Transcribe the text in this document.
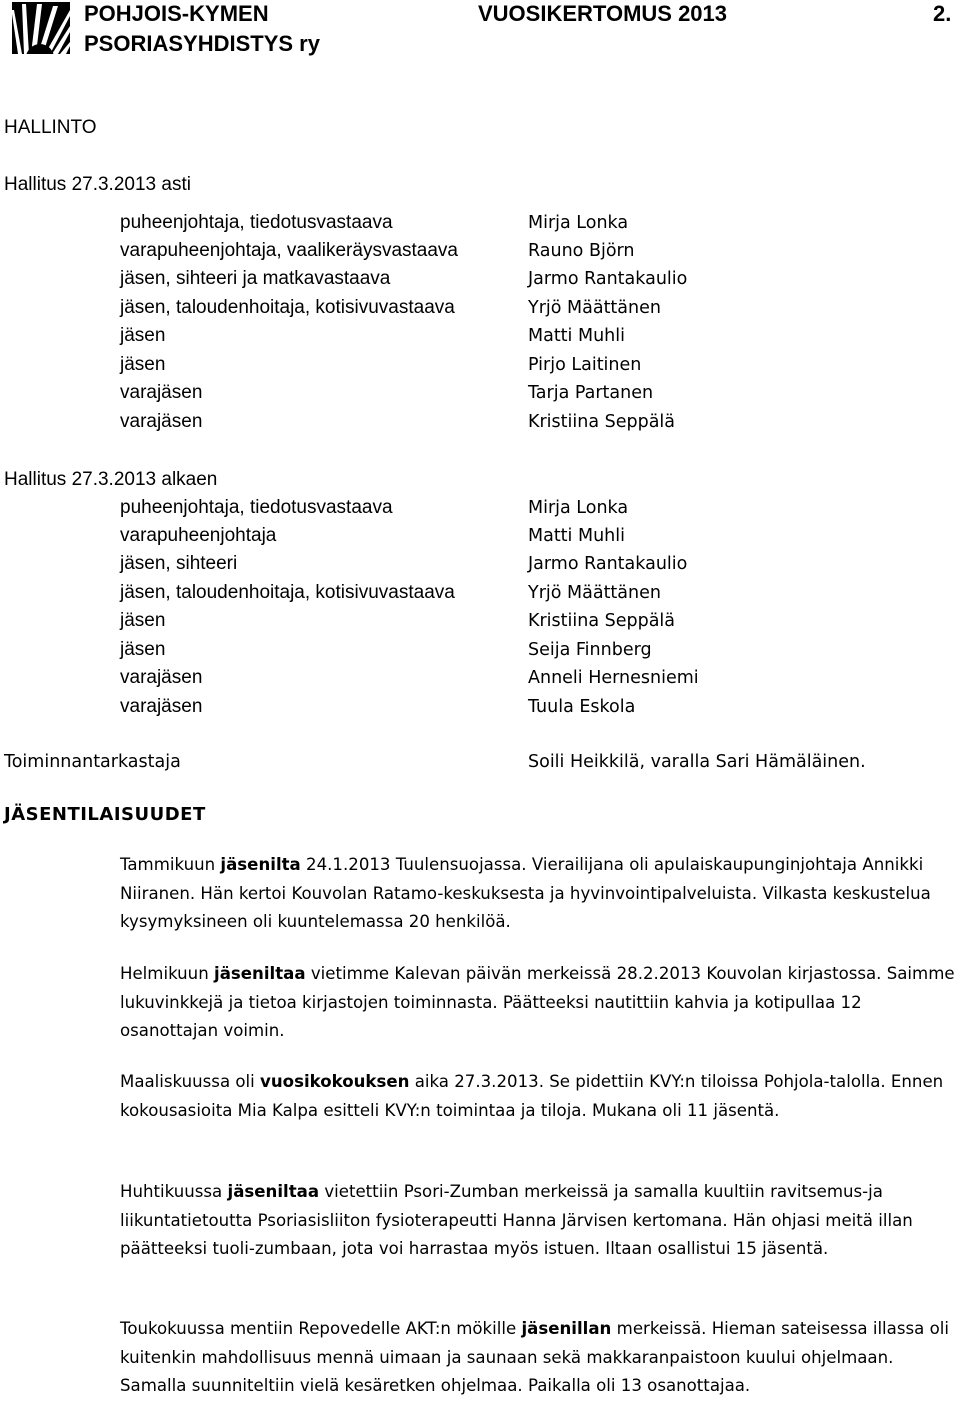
POHJOIS-KYMEN
PSORIASYHDISTYS ry
VUOSIKERTOMUS 2013	2.
HALLINTO
Hallitus 27.3.2013 asti
puheenjohtaja, tiedotusvastaava
varapuheenjohtaja, vaalikeräysvastaava
jäsen, sihteeri ja matkavastaava
jäsen, taloudenhoitaja, kotisivuvastaava
jäsen
jäsen
varajäsen
varajäsen
Mirja Lonka
Rauno Björn
Jarmo Rantakaulio
Yrjö Määttänen
Matti Muhli
Pirjo Laitinen
Tarja Partanen
Kristiina Seppälä
Hallitus 27.3.2013 alkaen
puheenjohtaja, tiedotusvastaava
varapuheenjohtaja
jäsen, sihteeri
jäsen, taloudenhoitaja, kotisivuvastaava
jäsen
jäsen
varajäsen
varajäsen
Mirja Lonka
Matti Muhli
Jarmo Rantakaulio
Yrjö Määttänen
Kristiina Seppälä
Seija Finnberg
Anneli Hernesniemi
Tuula Eskola
Toiminnantarkastaja	Soili Heikkilä, varalla Sari Hämäläinen.
JÄSENTILAISUUDET
Tammikuun jäsenilta 24.1.2013 Tuulensuojassa. Vierailijana oli apulaiskaupunginjohtaja Annikki Niiranen. Hän kertoi Kouvolan Ratamo-keskuksesta ja hyvinvointipalveluista. Vilkasta keskustelua kysymyksineen oli kuuntelemassa 20 henkilöä.
Helmikuun jäseniltaa vietimme Kalevan päivän merkeissä 28.2.2013 Kouvolan kirjastossa. Saimme lukuvinkkejä ja tietoa kirjastojen toiminnasta. Päätteeksi nautittiin kahvia ja kotipullaa 12 osanottajan voimin.
Maaliskuussa oli vuosikokouksen aika 27.3.2013. Se pidettiin KVY:n tiloissa Pohjola-talolla. Ennen kokousasioita Mia Kalpa esitteli KVY:n toimintaa ja tiloja. Mukana oli 11 jäsentä.
Huhtikuussa jäseniltaa vietettiin Psori-Zumban merkeissä ja samalla kuultiin ravitsemus-ja liikuntatietoutta Psoriasisliiton fysioterapeutti Hanna Järvisen kertomana. Hän ohjasi meitä illan päätteeksi tuoli-zumbaan, jota voi harrastaa myös istuen. Iltaan osallistui 15 jäsentä.
Toukokuussa mentiin Repovedelle AKT:n mökille jäsenillan merkeissä. Hieman sateisessa illassa oli kuitenkin mahdollisuus mennä uimaan ja saunaan sekä makkaranpaistoon kuului ohjelmaan. Samalla suunniteltiin vielä kesäretken ohjelmaa. Paikalla oli 13 osanottajaa.
